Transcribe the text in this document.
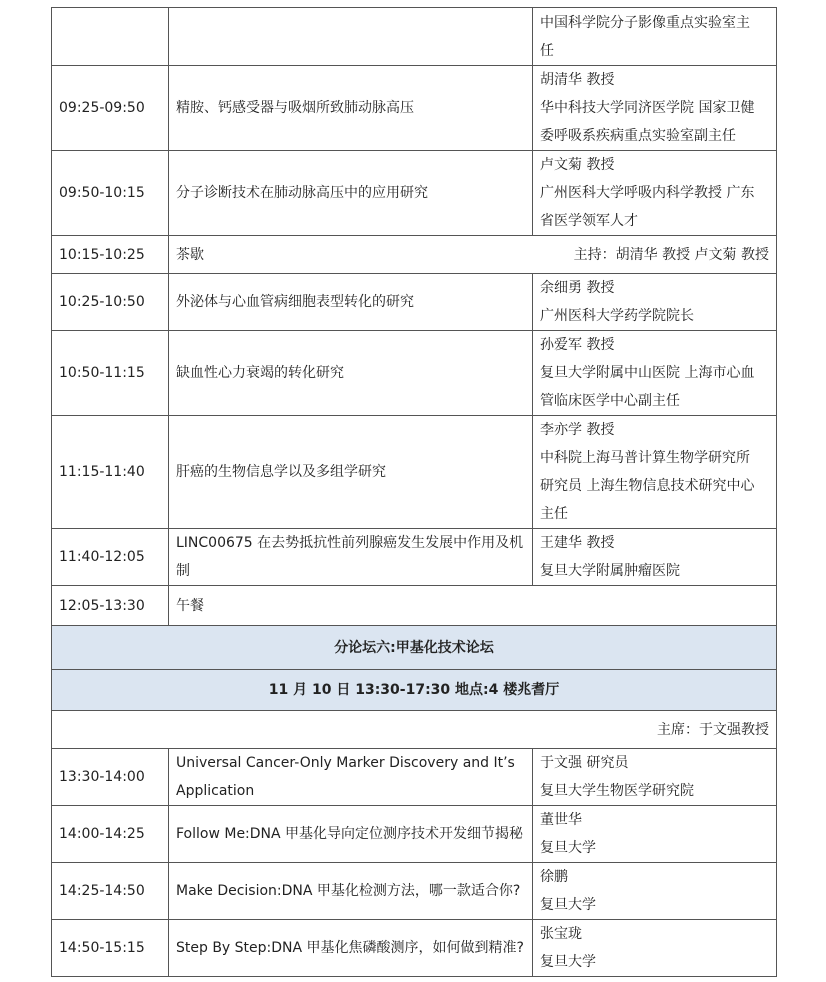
		中国科学院分子影像重点实验室主
任

09:25-09:50	精胺、钙感受器与吸烟所致肺动脉高压	胡清华 教授
华中科技大学同济医学院 国家卫健
委呼吸系疾病重点实验室副主任

09:50-10:15	分子诊断技术在肺动脉高压中的应用研究	卢文菊 教授
广州医科大学呼吸内科学教授 广东
省医学领军人才

10:15-10:25	茶歇 主持：胡清华 教授 卢文菊 教授	

10:25-10:50	外泌体与心血管病细胞表型转化的研究	余细勇 教授
广州医科大学药学院院长

10:50-11:15	缺血性心力衰竭的转化研究	孙爱军 教授
复旦大学附属中山医院 上海市心血
管临床医学中心副主任

11:15-11:40	肝癌的生物信息学以及多组学研究	李亦学 教授
中科院上海马普计算生物学研究所
研究员 上海生物信息技术研究中心
主任

11:40-12:05	LINC00675 在去势抵抗性前列腺癌发生发展中作用及机制	王建华 教授
复旦大学附属肿瘤医院

12:05-13:30	午餐	
分论坛六:甲基化技术论坛		
11 月 10 日 13:30-17:30 地点:4 楼兆耆厅		
主席：于文强教授		
13:30-14:00	Universal Cancer-Only Marker Discovery and It’s Application	于文强 研究员
复旦大学生物医学研究院

14:00-14:25	Follow Me:DNA 甲基化导向定位测序技术开发细节揭秘	董世华
复旦大学

14:25-14:50	Make Decision:DNA 甲基化检测方法，哪一款适合你?	徐鹏
复旦大学

14:50-15:15	Step By Step:DNA 甲基化焦磷酸测序，如何做到精准?	张宝珑
复旦大学
